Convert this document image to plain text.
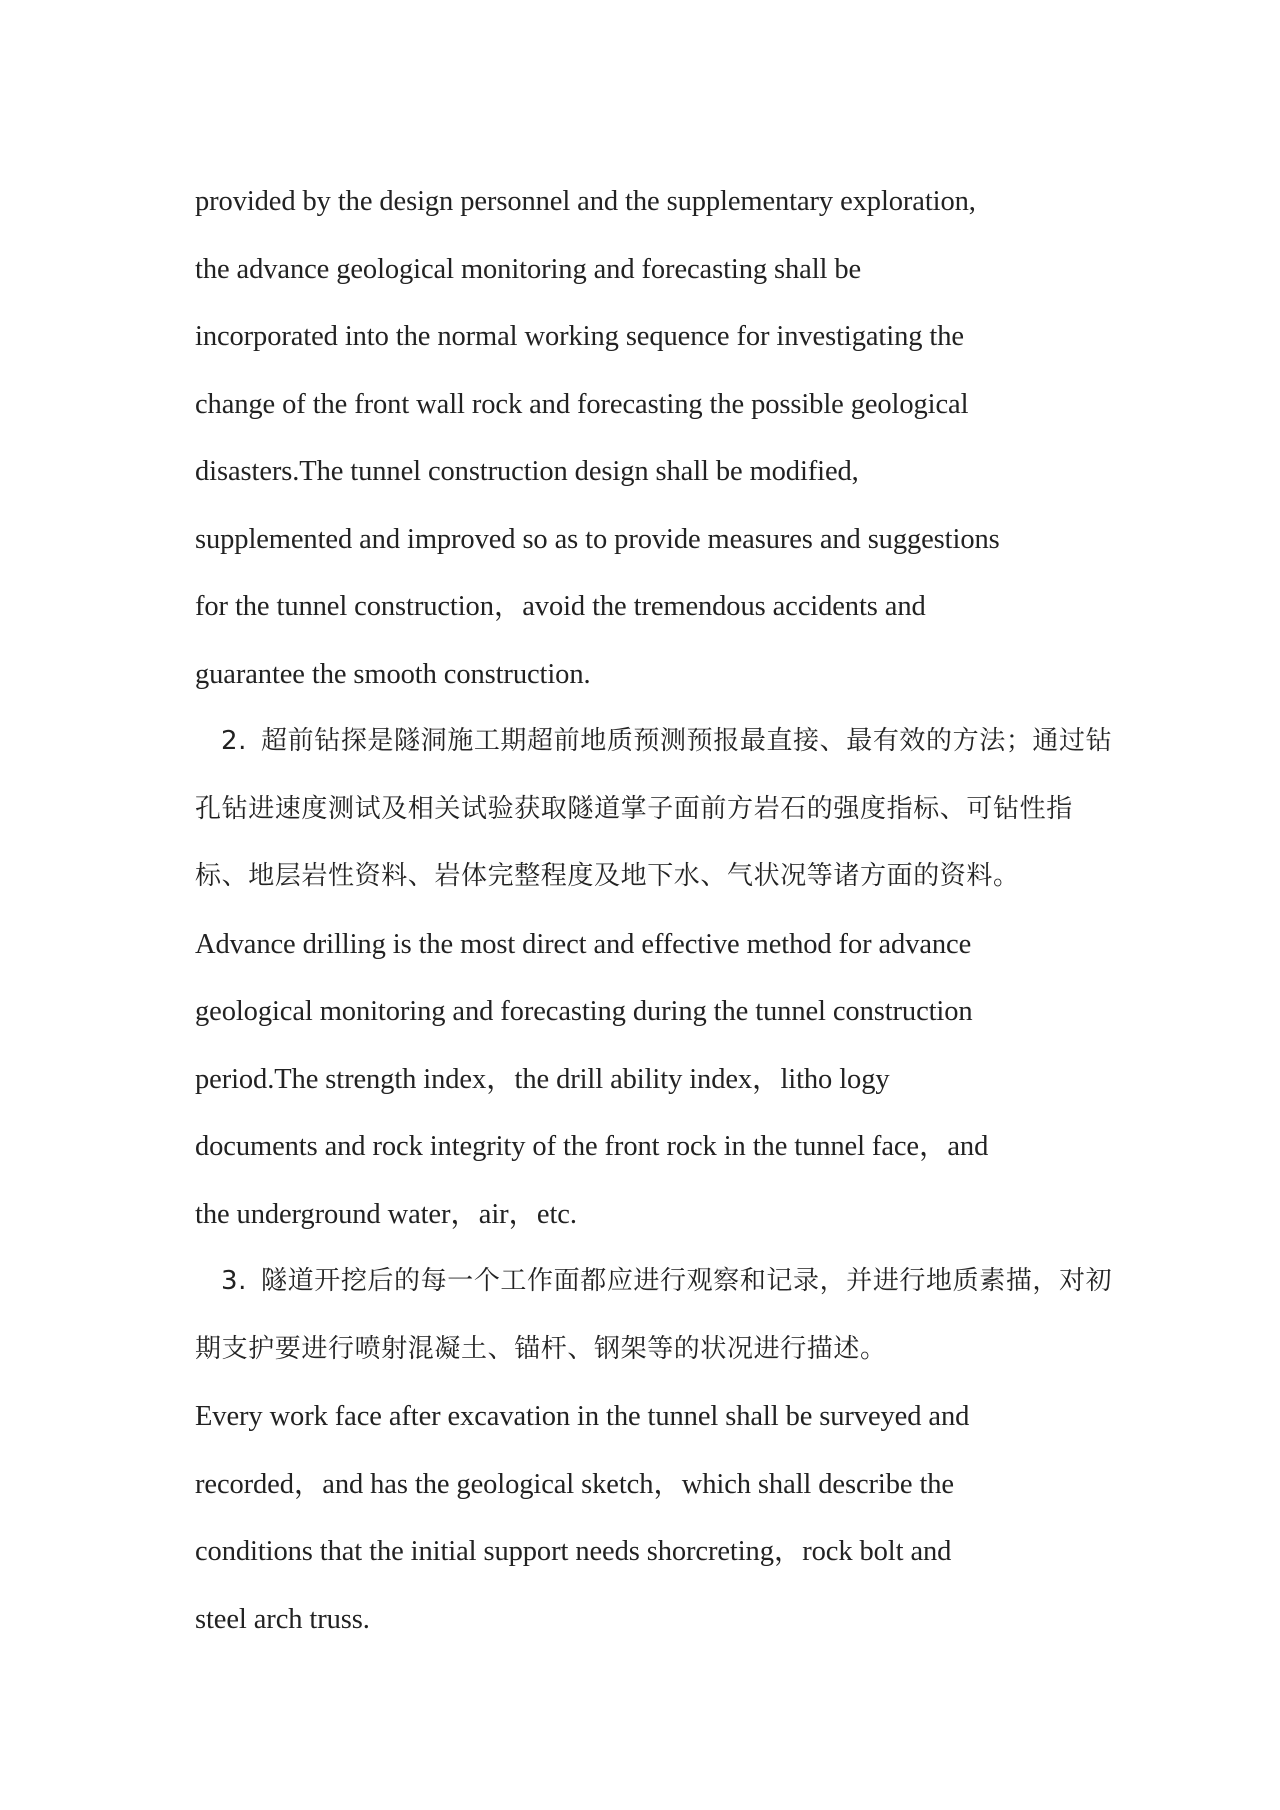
provided by the design personnel and the supplementary exploration,
the advance geological monitoring and forecasting shall be
incorporated into the normal working sequence for investigating the
change of the front wall rock and forecasting the possible geological
disasters.The tunnel construction design shall be modified,
supplemented and improved so as to provide measures and suggestions
for the tunnel construction，avoid the tremendous accidents and
guarantee the smooth construction.
2. 超前钻探是隧洞施工期超前地质预测预报最直接、最有效的方法；通过钻
孔钻进速度测试及相关试验获取隧道掌子面前方岩石的强度指标、可钻性指
标、地层岩性资料、岩体完整程度及地下水、气状况等诸方面的资料。
Advance drilling is the most direct and effective method for advance
geological monitoring and forecasting during the tunnel construction
period.The strength index，the drill ability index，litho logy
documents and rock integrity of the front rock in the tunnel face，and
the underground water，air，etc.
3. 隧道开挖后的每一个工作面都应进行观察和记录，并进行地质素描，对初
期支护要进行喷射混凝土、锚杆、钢架等的状况进行描述。
Every work face after excavation in the tunnel shall be surveyed and
recorded，and has the geological sketch，which shall describe the
conditions that the initial support needs shorcreting，rock bolt and
steel arch truss.
